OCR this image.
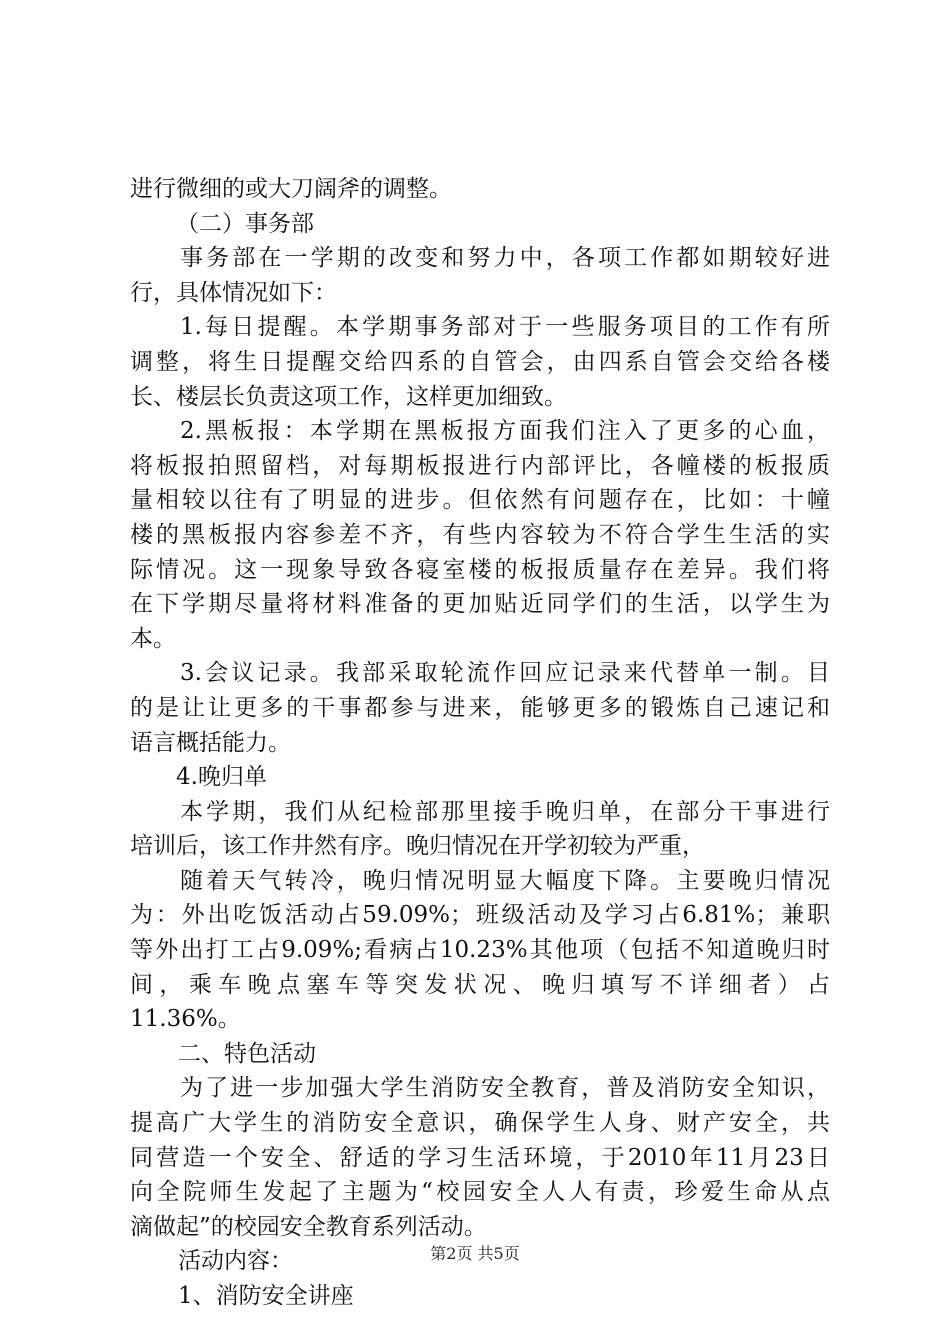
进行微细的或大刀阔斧的调整。
（二）事务部
事务部在一学期的改变和努力中，各项工作都如期较好进
行，具体情况如下：
1.每日提醒。本学期事务部对于一些服务项目的工作有所
调整，将生日提醒交给四系的自管会，由四系自管会交给各楼
长、楼层长负责这项工作，这样更加细致。
2.黑板报：本学期在黑板报方面我们注入了更多的心血，
将板报拍照留档，对每期板报进行内部评比，各幢楼的板报质
量相较以往有了明显的进步。但依然有问题存在，比如：十幢
楼的黑板报内容参差不齐，有些内容较为不符合学生生活的实
际情况。这一现象导致各寝室楼的板报质量存在差异。我们将
在下学期尽量将材料准备的更加贴近同学们的生活，以学生为
本。
3.会议记录。我部采取轮流作回应记录来代替单一制。目
的是让让更多的干事都参与进来，能够更多的锻炼自己速记和
语言概括能力。
4.晚归单
本学期，我们从纪检部那里接手晚归单，在部分干事进行
培训后，该工作井然有序。晚归情况在开学初较为严重，
随着天气转冷，晚归情况明显大幅度下降。主要晚归情况
为：外出吃饭活动占59.09%；班级活动及学习占6.81%；兼职
等外出打工占9.09%;看病占10.23%其他项（包括不知道晚归时
间，乘车晚点塞车等突发状况、晚归填写不详细者）占
11.36%。
二、特色活动
为了进一步加强大学生消防安全教育，普及消防安全知识，
提高广大学生的消防安全意识，确保学生人身、财产安全，共
同营造一个安全、舒适的学习生活环境，于2010年11月23日
向全院师生发起了主题为“校园安全人人有责，珍爱生命从点
滴做起”的校园安全教育系列活动。
活动内容：
1、消防安全讲座
第2页 共5页
